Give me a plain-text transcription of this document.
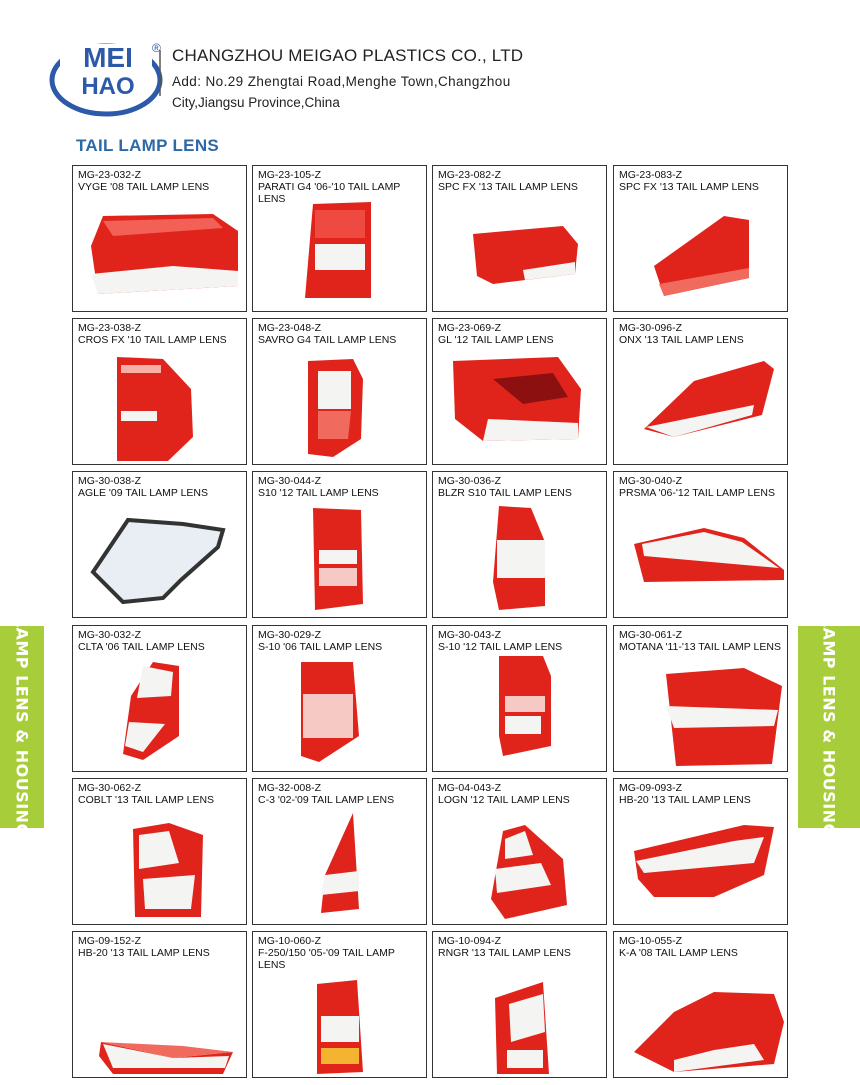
MEI
HAO
® CHANGZHOU MEIGAO PLASTICS CO., LTD
Add: No.29 Zhengtai Road,Menghe Town,Changzhou
City,Jiangsu Province,China
TAIL LAMP LENS
LAMP LENS & HOUSING	LAMP LENS & HOUSING
MG-23-032-Z
VYGE '08 TAIL LAMP LENS
MG-23-105-Z
PARATI G4 '06-'10 TAIL LAMP LENS
MG-23-082-Z
SPC FX '13 TAIL LAMP LENS
MG-23-083-Z
SPC FX '13 TAIL LAMP LENS
MG-23-038-Z
CROS FX '10 TAIL LAMP LENS
MG-23-048-Z
SAVRO G4 TAIL LAMP LENS
MG-23-069-Z
GL '12 TAIL LAMP LENS
MG-30-096-Z
ONX '13 TAIL LAMP LENS
MG-30-038-Z
AGLE '09 TAIL LAMP LENS
MG-30-044-Z
S10 '12 TAIL LAMP LENS
MG-30-036-Z
BLZR S10 TAIL LAMP LENS
MG-30-040-Z
PRSMA '06-'12 TAIL LAMP LENS
MG-30-032-Z
CLTA '06 TAIL LAMP LENS
MG-30-029-Z
S-10 '06 TAIL LAMP LENS
MG-30-043-Z
S-10 '12 TAIL LAMP LENS
MG-30-061-Z
MOTANA '11-'13 TAIL LAMP LENS
MG-30-062-Z
COBLT '13 TAIL LAMP LENS
MG-32-008-Z
C-3 '02-'09 TAIL LAMP LENS
MG-04-043-Z
LOGN '12 TAIL LAMP LENS
MG-09-093-Z
HB-20 '13 TAIL LAMP LENS
MG-09-152-Z
HB-20 '13 TAIL LAMP LENS
MG-10-060-Z
F-250/150 '05-'09 TAIL LAMP LENS
MG-10-094-Z
RNGR '13 TAIL LAMP LENS
MG-10-055-Z
K-A '08 TAIL LAMP LENS
